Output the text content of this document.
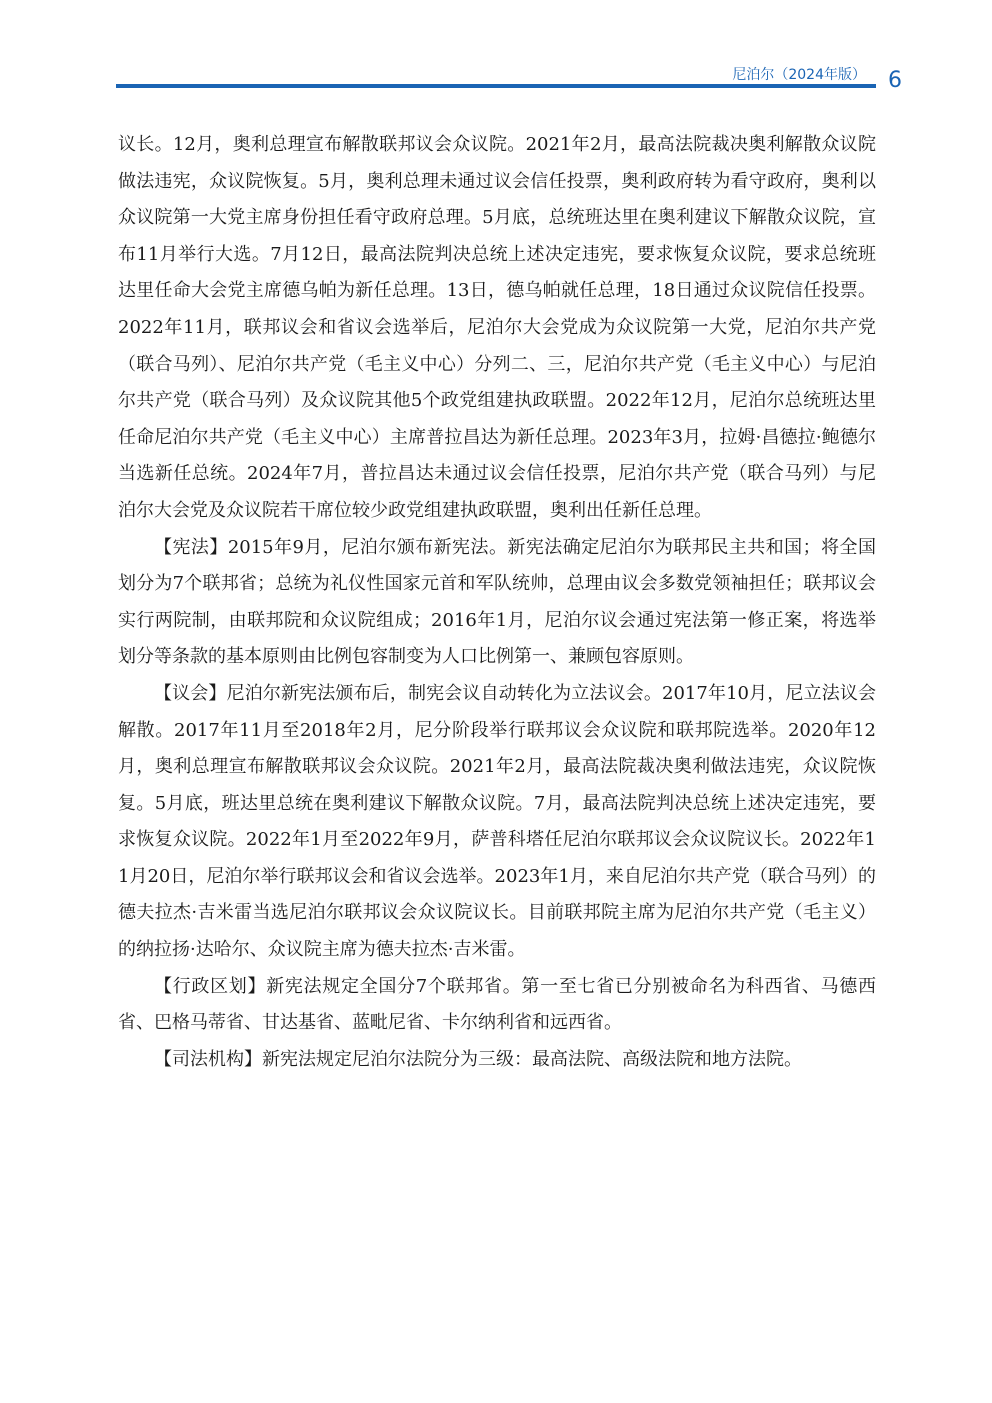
尼泊尔（2024年版） 6

议长。12月，奥利总理宣布解散联邦议会众议院。2021年2月，最高法院裁决奥利解散众议院做法违宪，众议院恢复。5月，奥利总理未通过议会信任投票，奥利政府转为看守政府，奥利以众议院第一大党主席身份担任看守政府总理。5月底，总统班达里在奥利建议下解散众议院，宣布11月举行大选。7月12日，最高法院判决总统上述决定违宪，要求恢复众议院，要求总统班达里任命大会党主席德乌帕为新任总理。13日，德乌帕就任总理，18日通过众议院信任投票。2022年11月，联邦议会和省议会选举后，尼泊尔大会党成为众议院第一大党，尼泊尔共产党（联合马列）、尼泊尔共产党（毛主义中心）分列二、三，尼泊尔共产党（毛主义中心）与尼泊尔共产党（联合马列）及众议院其他5个政党组建执政联盟。2022年12月，尼泊尔总统班达里任命尼泊尔共产党（毛主义中心）主席普拉昌达为新任总理。2023年3月，拉姆·昌德拉·鲍德尔当选新任总统。2024年7月，普拉昌达未通过议会信任投票，尼泊尔共产党（联合马列）与尼泊尔大会党及众议院若干席位较少政党组建执政联盟，奥利出任新任总理。

【宪法】2015年9月，尼泊尔颁布新宪法。新宪法确定尼泊尔为联邦民主共和国；将全国划分为7个联邦省；总统为礼仪性国家元首和军队统帅，总理由议会多数党领袖担任；联邦议会实行两院制，由联邦院和众议院组成；2016年1月，尼泊尔议会通过宪法第一修正案，将选举划分等条款的基本原则由比例包容制变为人口比例第一、兼顾包容原则。

【议会】尼泊尔新宪法颁布后，制宪会议自动转化为立法议会。2017年10月，尼立法议会解散。2017年11月至2018年2月，尼分阶段举行联邦议会众议院和联邦院选举。2020年12月，奥利总理宣布解散联邦议会众议院。2021年2月，最高法院裁决奥利做法违宪，众议院恢复。5月底，班达里总统在奥利建议下解散众议院。7月，最高法院判决总统上述决定违宪，要求恢复众议院。2022年1月至2022年9月，萨普科塔任尼泊尔联邦议会众议院议长。2022年11月20日，尼泊尔举行联邦议会和省议会选举。2023年1月，来自尼泊尔共产党（联合马列）的德夫拉杰·吉米雷当选尼泊尔联邦议会众议院议长。目前联邦院主席为尼泊尔共产党（毛主义）的纳拉扬·达哈尔、众议院主席为德夫拉杰·吉米雷。

【行政区划】新宪法规定全国分7个联邦省。第一至七省已分别被命名为科西省、马德西省、巴格马蒂省、甘达基省、蓝毗尼省、卡尔纳利省和远西省。

【司法机构】新宪法规定尼泊尔法院分为三级：最高法院、高级法院和地方法院。
